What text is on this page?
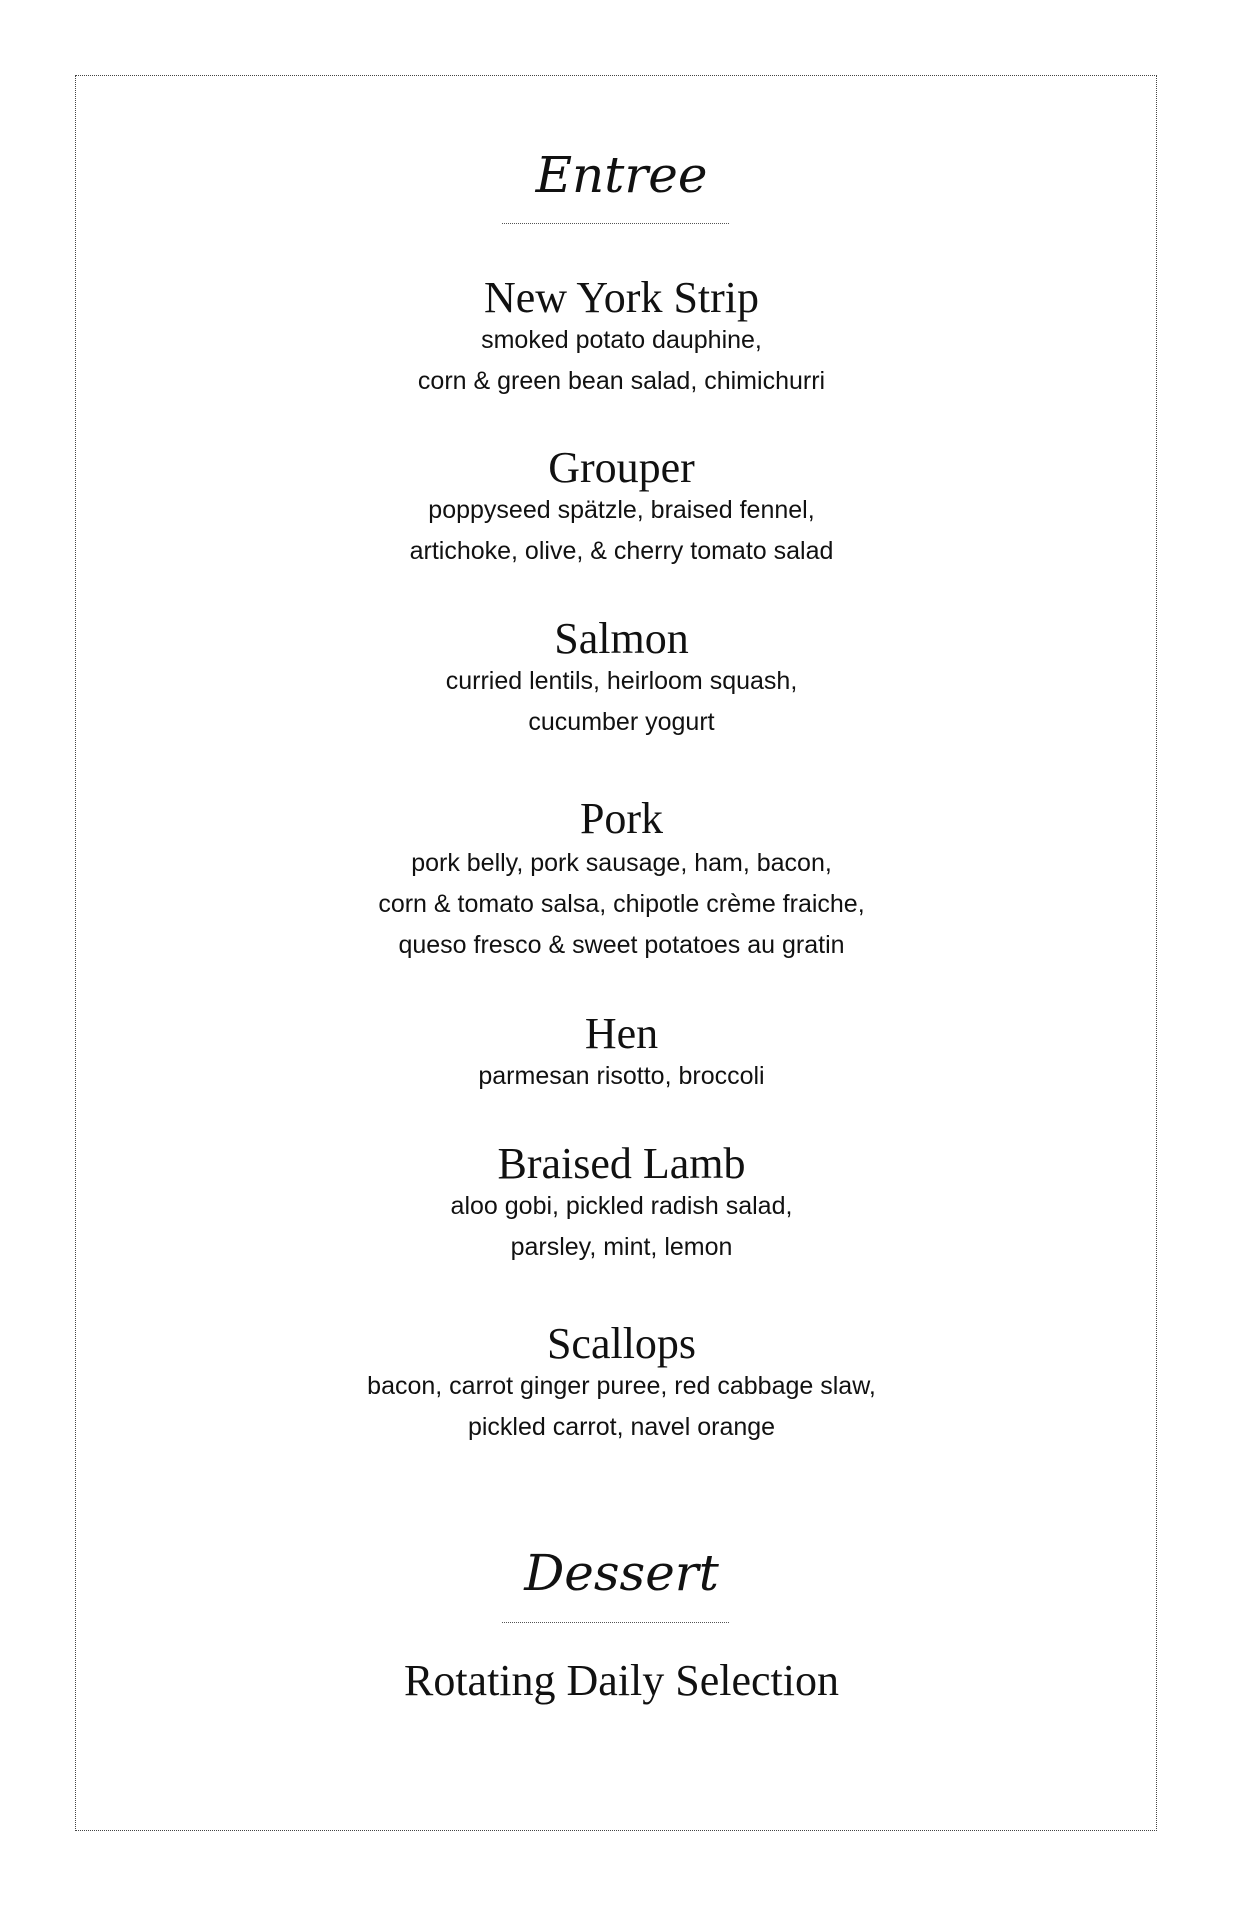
Entree
New York Strip
smoked potato dauphine,
corn & green bean salad, chimichurri
Grouper
poppyseed spätzle, braised fennel,
artichoke, olive, & cherry tomato salad
Salmon
curried lentils, heirloom squash,
cucumber yogurt
Pork
pork belly, pork sausage, ham, bacon,
corn & tomato salsa, chipotle crème fraiche,
queso fresco & sweet potatoes au gratin
Hen
parmesan risotto, broccoli
Braised Lamb
aloo gobi, pickled radish salad,
parsley, mint, lemon
Scallops
bacon, carrot ginger puree, red cabbage slaw,
pickled carrot, navel orange
Dessert
Rotating Daily Selection
